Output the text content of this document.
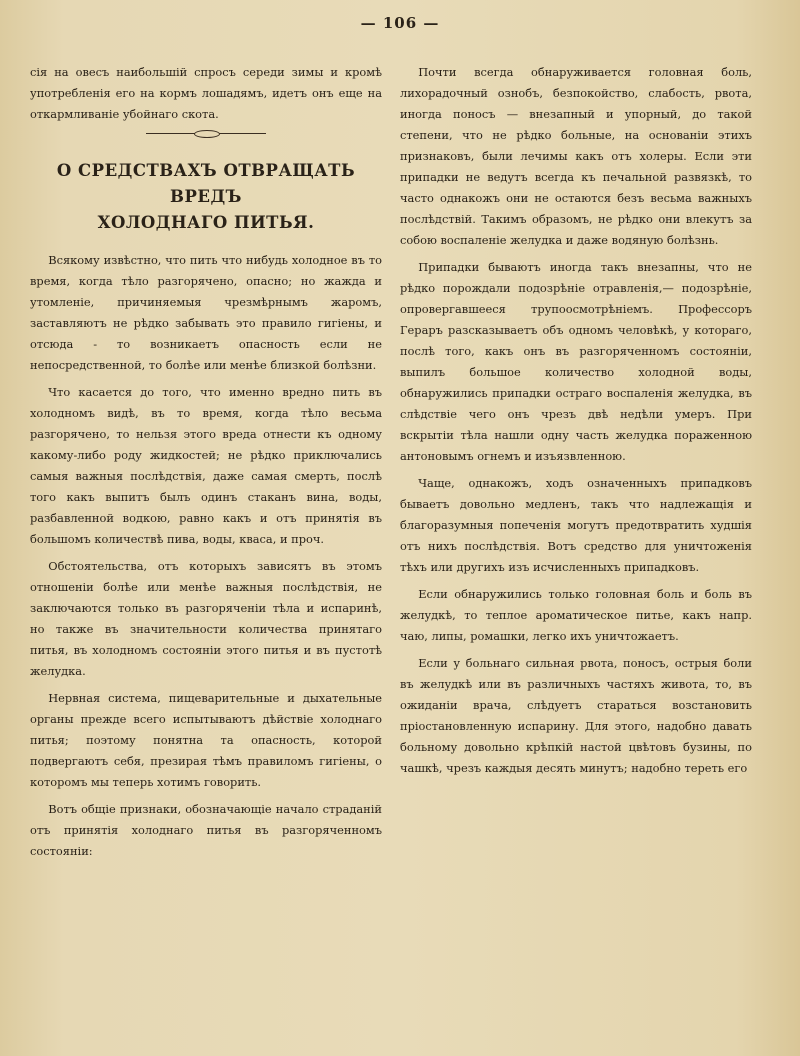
— 106 —

сія на овесъ наибольшій спросъ середи зимы и кромѣ употребленія его на кормъ лошадямъ, идетъ онъ еще на откармливаніе убойнаго скота.

О СРЕДСТВАХЪ ОТВРАЩАТЬ ВРЕДЪ
ХОЛОДНАГО ПИТЬЯ.

Всякому извѣстно, что пить что нибудь холодное въ то время, когда тѣло разгорячено, опасно; но жажда и утомленіе, причиняемыя чрезмѣрнымъ жаромъ, заставляютъ не рѣдко забывать это правило гигіены, и отсюда - то возникаетъ опасность если не непосредственной, то болѣе или менѣе близкой болѣзни.

Что касается до того, что именно вредно пить въ холодномъ видѣ, въ то время, когда тѣло весьма разгорячено, то нельзя этого вреда отнести къ одному какому-либо роду жидкостей; не рѣдко приключались самыя важныя послѣдствія, даже самая смерть, послѣ того какъ выпитъ былъ одинъ стаканъ вина, воды, разбавленной водкою, равно какъ и отъ принятія въ большомъ количествѣ пива, воды, кваса, и проч.

Обстоятельства, отъ которыхъ зависятъ въ этомъ отношеніи болѣе или менѣе важныя послѣдствія, не заключаются только въ разгоряченіи тѣла и испаринѣ, но также въ значительности количества принятаго питья, въ холодномъ состояніи этого питья и въ пустотѣ желудка.

Нервная система, пищеварительные и дыхательные органы прежде всего испытываютъ дѣйствіе холоднаго питья; поэтому понятна та опасность, которой подвергаютъ себя, презирая тѣмъ правиломъ гигіены, о которомъ мы теперь хотимъ говорить.

Вотъ общіе признаки, обозначающіе начало страданій отъ принятія холоднаго питья въ разгоряченномъ состояніи:

Почти всегда обнаруживается головная боль, лихорадочный ознобъ, безпокойство, слабость, рвота, иногда поносъ — внезапный и упорный, до такой степени, что не рѣдко больные, на основаніи этихъ признаковъ, были лечимы какъ отъ холеры. Если эти припадки не ведутъ всегда къ печальной развязкѣ, то часто однакожъ они не остаются безъ весьма важныхъ послѣдствій. Такимъ образомъ, не рѣдко они влекутъ за собою воспаленіе желудка и даже водяную болѣзнь.

Припадки бываютъ иногда такъ внезапны, что не рѣдко порождали подозрѣніе отравленія,— подозрѣніе, опровергавшееся трупоосмотрѣніемъ. Профессоръ Гераръ разсказываетъ объ одномъ человѣкѣ, у котораго, послѣ того, какъ онъ въ разгоряченномъ состояніи, выпилъ большое количество холодной воды, обнаружились припадки остраго воспаленія желудка, въ слѣдствіе чего онъ чрезъ двѣ недѣли умеръ. При вскрытіи тѣла нашли одну часть желудка пораженною антоновымъ огнемъ и изъязвленною.

Чаще, однакожъ, ходъ означенныхъ припадковъ бываетъ довольно медленъ, такъ что надлежащія и благоразумныя попеченія могутъ предотвратить худшія отъ нихъ послѣдствія. Вотъ средство для уничтоженія тѣхъ или другихъ изъ исчисленныхъ припадковъ.

Если обнаружились только головная боль и боль въ желудкѣ, то теплое ароматическое питье, какъ напр. чаю, липы, ромашки, легко ихъ уничтожаетъ.

Если у больнаго сильная рвота, поносъ, острыя боли въ желудкѣ или въ различныхъ частяхъ живота, то, въ ожиданіи врача, слѣдуетъ стараться возстановить пріостановленную испарину. Для этого, надобно давать больному довольно крѣпкій настой цвѣтовъ бузины, по чашкѣ, чрезъ каждыя десять минутъ; надобно тереть его
